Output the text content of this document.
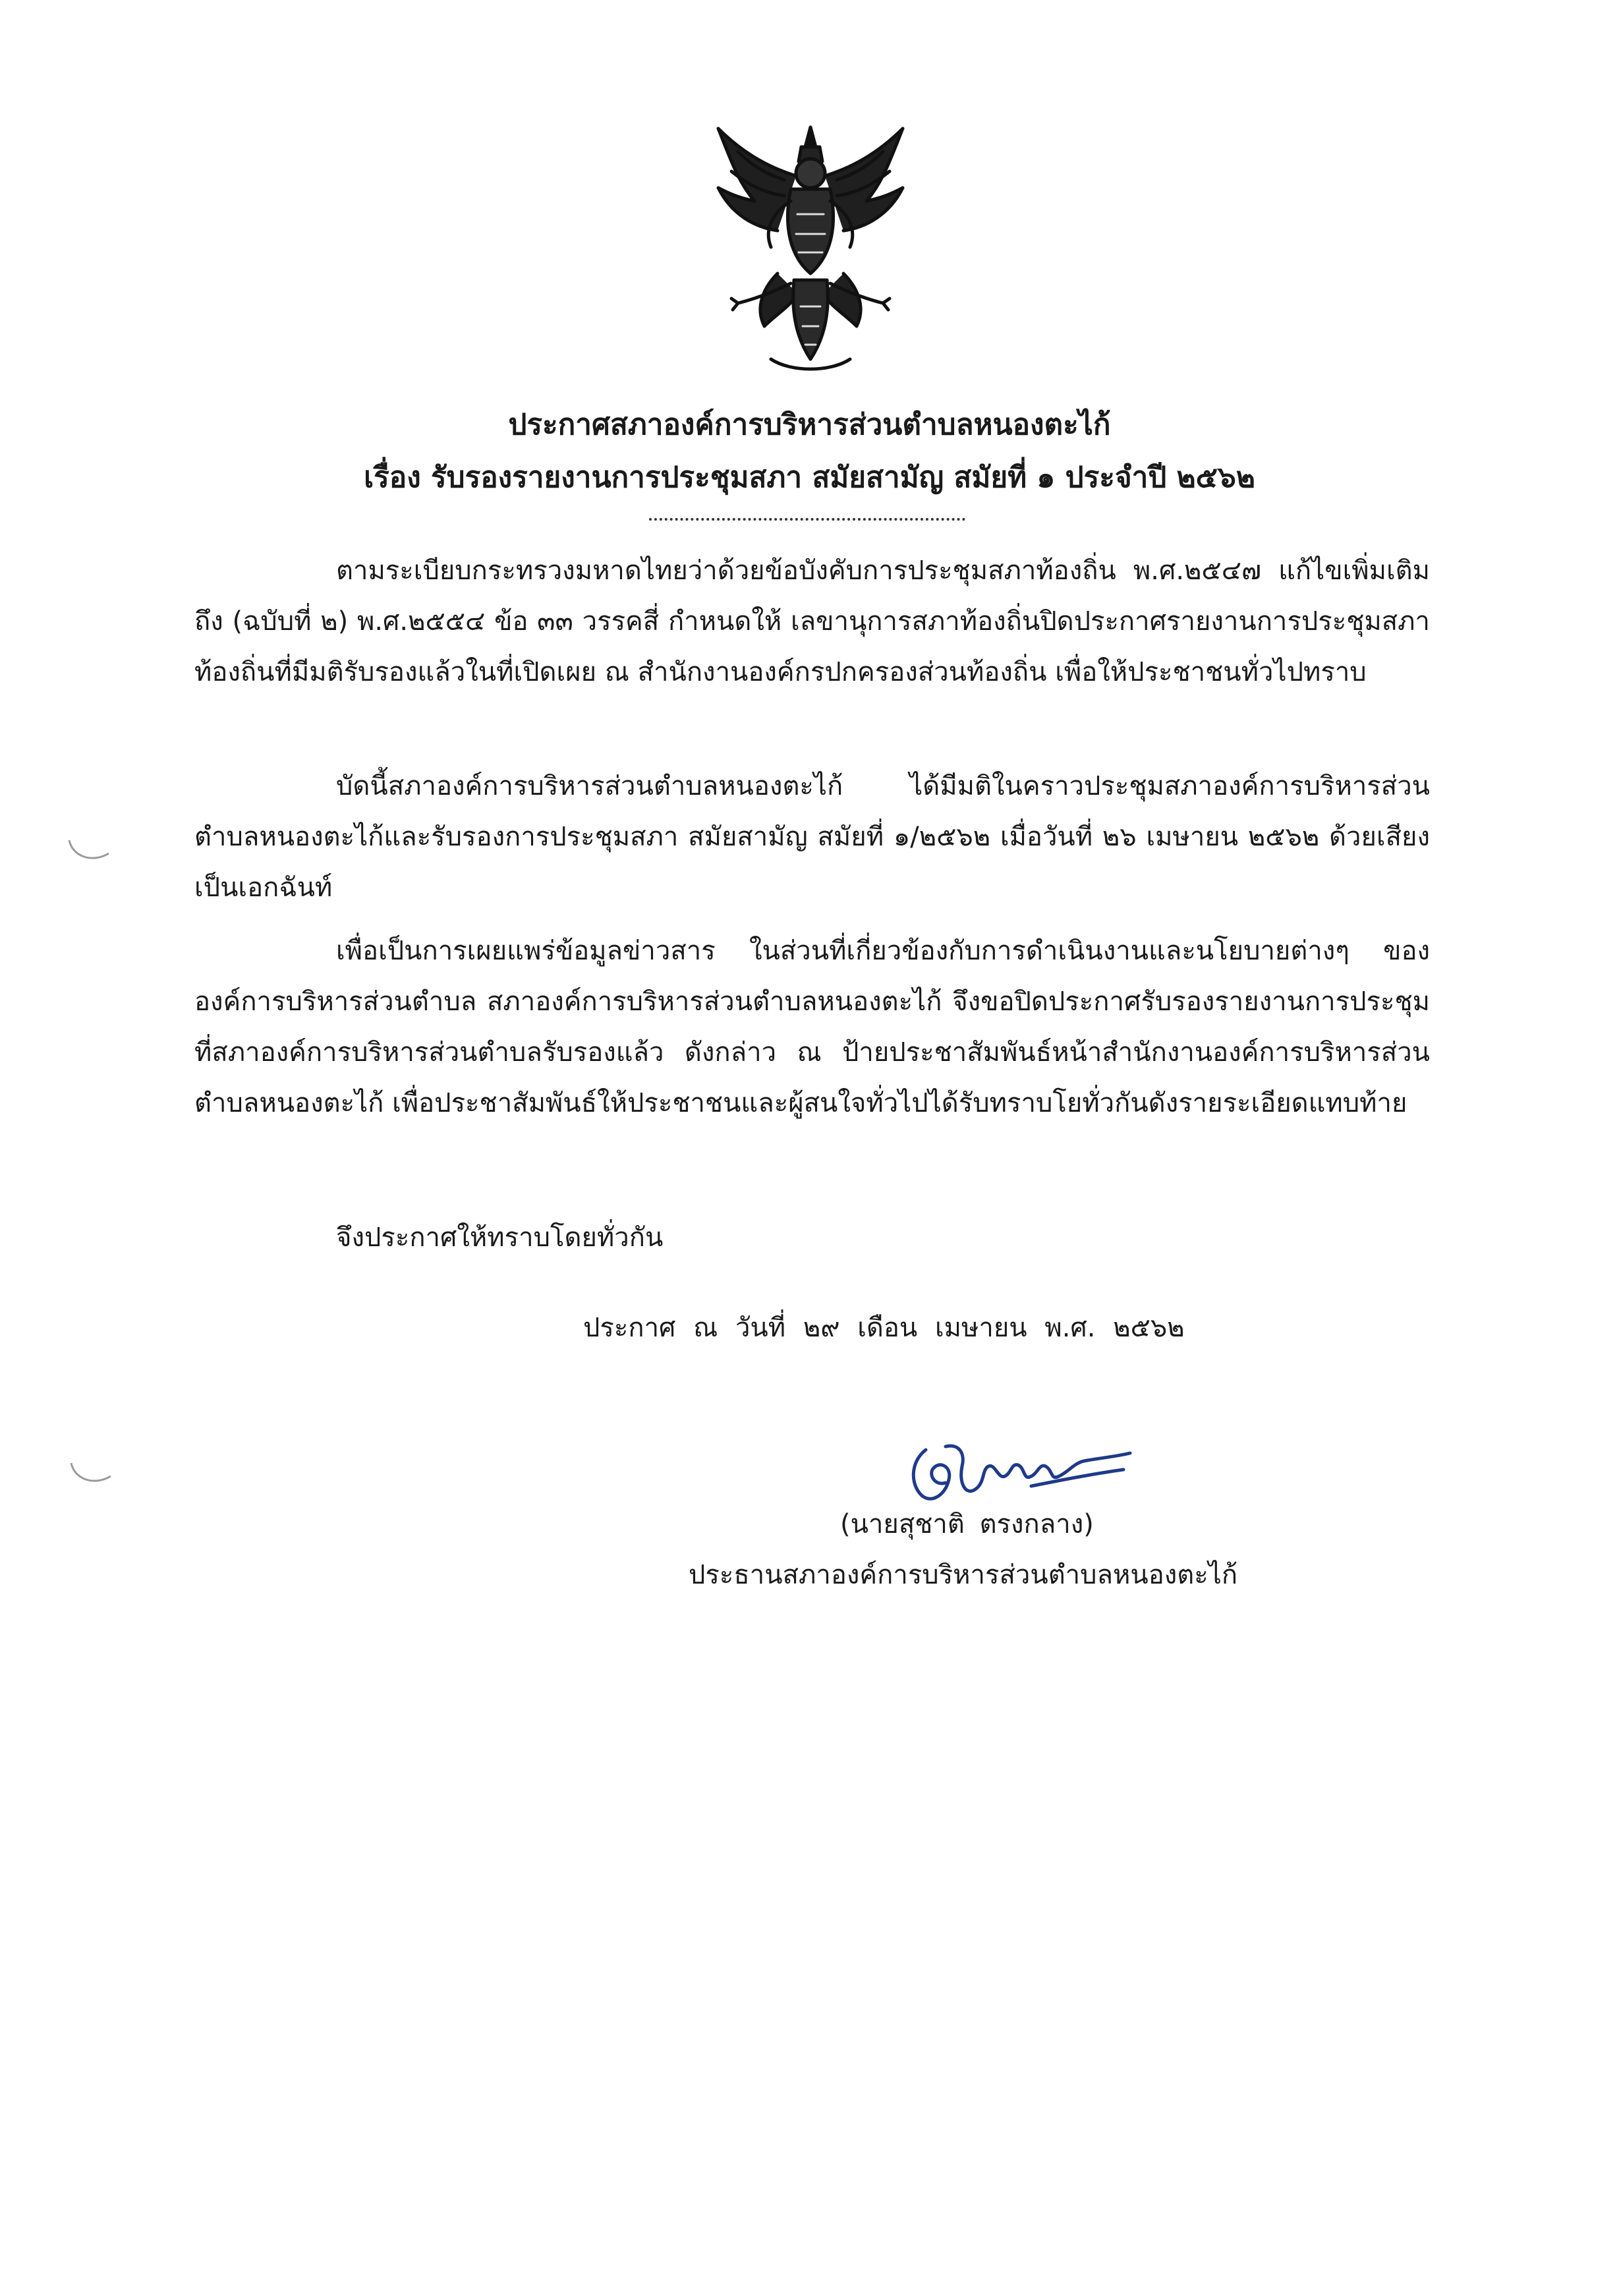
ประกาศสภาองค์การบริหารส่วนตำบลหนองตะไก้
เรื่อง รับรองรายงานการประชุมสภา สมัยสามัญ สมัยที่ ๑ ประจำปี ๒๕๖๒
ตามระเบียบกระทรวงมหาดไทยว่าด้วยข้อบังคับการประชุมสภาท้องถิ่น พ.ศ.๒๕๔๗ แก้ไขเพิ่มเติมถึง (ฉบับที่ ๒) พ.ศ.๒๕๕๔ ข้อ ๓๓ วรรคสี่ กำหนดให้ เลขานุการสภาท้องถิ่นปิดประกาศรายงานการประชุมสภาท้องถิ่นที่มีมติรับรองแล้วในที่เปิดเผย ณ สำนักงานองค์กรปกครองส่วนท้องถิ่น เพื่อให้ประชาชนทั่วไปทราบ
บัดนี้สภาองค์การบริหารส่วนตำบลหนองตะไก้ ได้มีมติในคราวประชุมสภาองค์การบริหารส่วนตำบลหนองตะไก้และรับรองการประชุมสภา สมัยสามัญ สมัยที่ ๑/๒๕๖๒ เมื่อวันที่ ๒๖ เมษายน ๒๕๖๒ ด้วยเสียงเป็นเอกฉันท์
เพื่อเป็นการเผยแพร่ข้อมูลข่าวสาร ในส่วนที่เกี่ยวข้องกับการดำเนินงานและนโยบายต่างๆ ขององค์การบริหารส่วนตำบล สภาองค์การบริหารส่วนตำบลหนองตะไก้ จึงขอปิดประกาศรับรองรายงานการประชุมที่สภาองค์การบริหารส่วนตำบลรับรองแล้ว ดังกล่าว ณ ป้ายประชาสัมพันธ์หน้าสำนักงานองค์การบริหารส่วนตำบลหนองตะไก้ เพื่อประชาสัมพันธ์ให้ประชาชนและผู้สนใจทั่วไปได้รับทราบโยทั่วกันดังรายระเอียดแทบท้าย
จึงประกาศให้ทราบโดยทั่วกัน
ประกาศ ณ วันที่ ๒๙ เดือน เมษายน พ.ศ. ๒๕๖๒
(นายสุชาติ ตรงกลาง)
ประธานสภาองค์การบริหารส่วนตำบลหนองตะไก้
